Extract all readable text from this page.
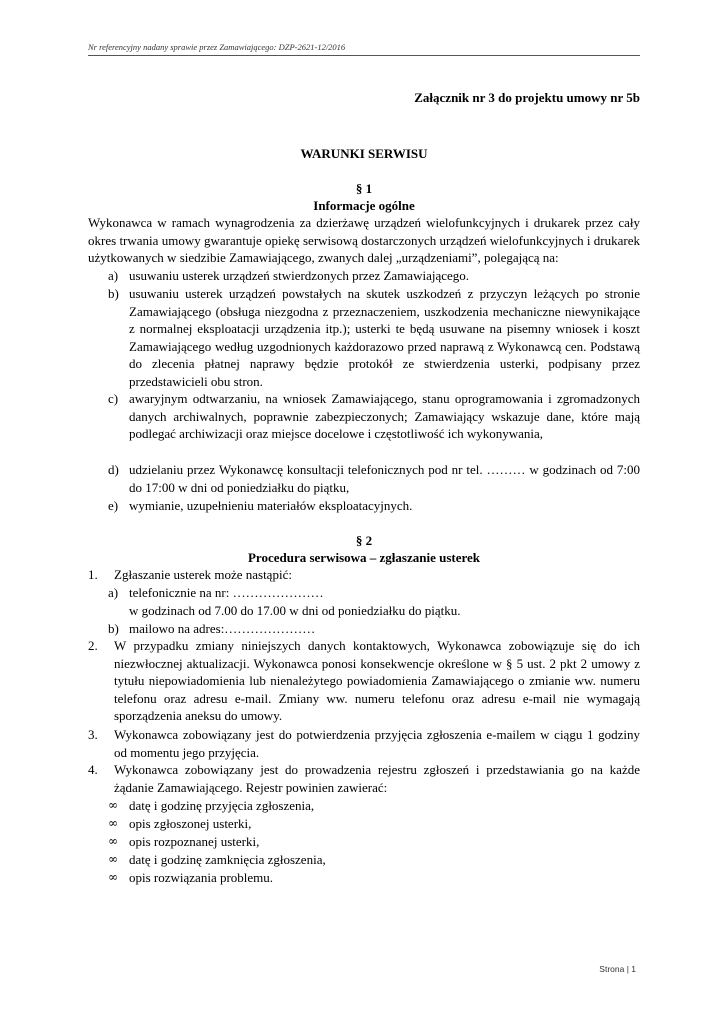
Nr referencyjny nadany sprawie przez Zamawiającego: DZP-2621-12/2016
Załącznik nr 3 do projektu umowy nr 5b
WARUNKI SERWISU
§ 1
Informacje ogólne
Wykonawca w ramach wynagrodzenia za dzierżawę urządzeń wielofunkcyjnych i drukarek przez cały okres trwania umowy gwarantuje opiekę serwisową dostarczonych urządzeń wielofunkcyjnych i drukarek użytkowanych w siedzibie Zamawiającego, zwanych dalej „urządzeniami”, polegającą na:
a) usuwaniu usterek urządzeń stwierdzonych przez Zamawiającego.
b) usuwaniu usterek urządzeń powstałych na skutek uszkodzeń z przyczyn leżących po stronie Zamawiającego (obsługa niezgodna z przeznaczeniem, uszkodzenia mechaniczne niewynikające z normalnej eksploatacji urządzenia itp.); usterki te będą usuwane na pisemny wniosek i koszt Zamawiającego według uzgodnionych każdorazowo przed naprawą z Wykonawcą cen. Podstawą do zlecenia płatnej naprawy będzie protokół ze stwierdzenia usterki, podpisany przez przedstawicieli obu stron.
c) awaryjnym odtwarzaniu, na wniosek Zamawiającego, stanu oprogramowania i zgromadzonych danych archiwalnych, poprawnie zabezpieczonych; Zamawiający wskazuje dane, które mają podlegać archiwizacji oraz miejsce docelowe i częstotliwość ich wykonywania,
d) udzielaniu przez Wykonawcę konsultacji telefonicznych pod nr tel. ……… w godzinach od 7:00 do 17:00 w dni od poniedziałku do piątku,
e) wymianie, uzupełnieniu materiałów eksploatacyjnych.
§ 2
Procedura serwisowa – zgłaszanie usterek
1. Zgłaszanie usterek może nastąpić:
a) telefonicznie na nr: …………………
w godzinach od 7.00 do 17.00 w dni od poniedziałku do piątku.
b) mailowo na adres:…………………
2. W przypadku zmiany niniejszych danych kontaktowych, Wykonawca zobowiązuje się do ich niezwłocznej aktualizacji. Wykonawca ponosi konsekwencje określone w § 5 ust. 2 pkt 2 umowy z tytułu niepowiadomienia lub nienależytego powiadomienia Zamawiającego o zmianie ww. numeru telefonu oraz adresu e-mail. Zmiany ww. numeru telefonu oraz adresu e-mail nie wymagają sporządzenia aneksu do umowy.
3. Wykonawca zobowiązany jest do potwierdzenia przyjęcia zgłoszenia e-mailem w ciągu 1 godziny od momentu jego przyjęcia.
4. Wykonawca zobowiązany jest do prowadzenia rejestru zgłoszeń i przedstawiania go na każde żądanie Zamawiającego. Rejestr powinien zawierać:
∞ datę i godzinę przyjęcia zgłoszenia,
∞ opis zgłoszonej usterki,
∞ opis rozpoznanej usterki,
∞ datę i godzinę zamknięcia zgłoszenia,
∞ opis rozwiązania problemu.
Strona | 1
